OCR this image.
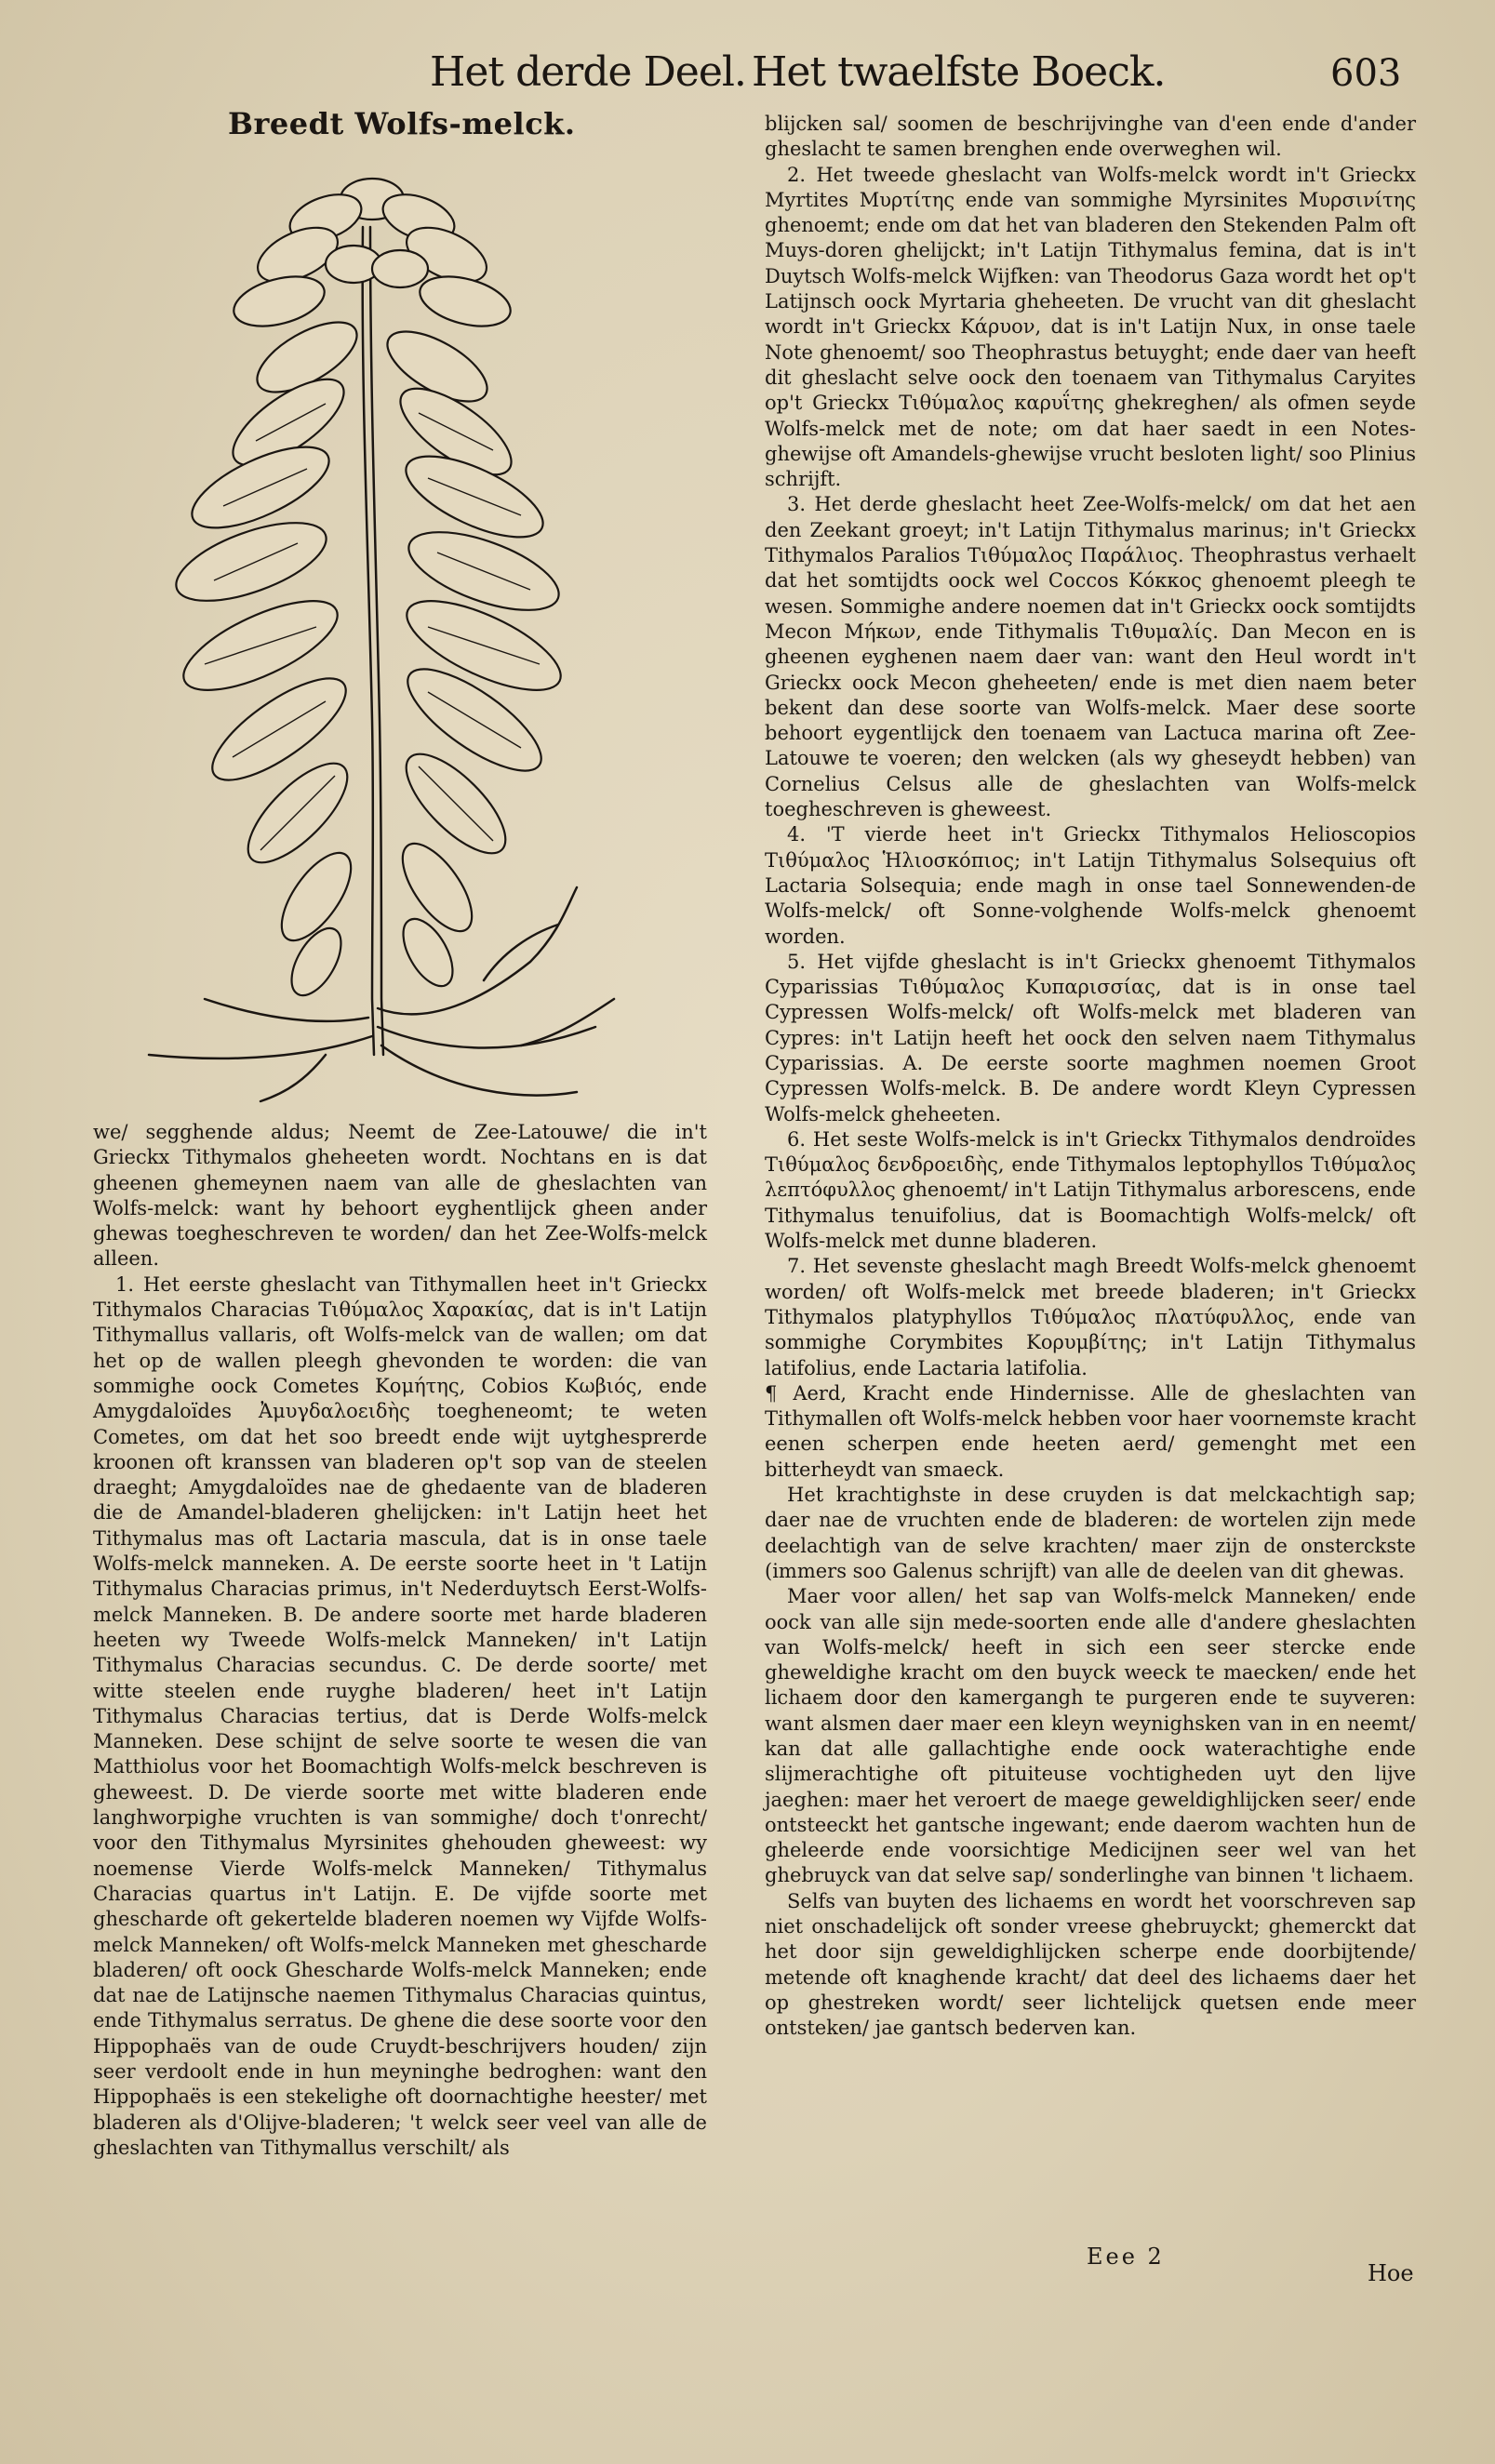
Het derde Deel. Het twaelfste Boeck.	603
Breedt Wolfs-melck.

we/ segghende aldus; Neemt de Zee-Latouwe/ die in't Grieckx Tithymalos gheheeten wordt. Nochtans en is dat gheenen ghemeynen naem van alle de gheslachten van Wolfs-melck: want hy behoort eyghentlijck gheen ander ghewas toegheschreven te worden/ dan het Zee-Wolfs-melck alleen.

1. Het eerste gheslacht van Tithymallen heet in't Grieckx Tithymalos Characias Τιθύμαλος Χαρακίας, dat is in't Latijn Tithymallus vallaris, oft Wolfs-melck van de wallen; om dat het op de wallen pleegh ghevonden te worden: die van sommighe oock Cometes Κομήτης, Cobios Κωβιός, ende Amygdaloïdes Ἀμυγδαλοειδὴς toegheneomt; te weten Cometes, om dat het soo breedt ende wijt uytghesprerde kroonen oft kranssen van bladeren op't sop van de steelen draeght; Amygdaloïdes nae de ghedaente van de bladeren die de Amandel-bladeren ghelijcken: in't Latijn heet het Tithymalus mas oft Lactaria mascula, dat is in onse taele Wolfs-melck manneken. A. De eerste soorte heet in 't Latijn Tithymalus Characias primus, in't Nederduytsch Eerst-Wolfs-melck Manneken. B. De andere soorte met harde bladeren heeten wy Tweede Wolfs-melck Manneken/ in't Latijn Tithymalus Characias secundus. C. De derde soorte/ met witte steelen ende ruyghe bladeren/ heet in't Latijn Tithymalus Characias tertius, dat is Derde Wolfs-melck Manneken. Dese schijnt de selve soorte te wesen die van Matthiolus voor het Boomachtigh Wolfs-melck beschreven is gheweest. D. De vierde soorte met witte bladeren ende langhworpighe vruchten is van sommighe/ doch t'onrecht/ voor den Tithymalus Myrsinites ghehouden gheweest: wy noemense Vierde Wolfs-melck Manneken/ Tithymalus Characias quartus in't Latijn. E. De vijfde soorte met ghescharde oft gekertelde bladeren noemen wy Vijfde Wolfs-melck Manneken/ oft Wolfs-melck Manneken met ghescharde bladeren/ oft oock Ghescharde Wolfs-melck Manneken; ende dat nae de Latijnsche naemen Tithymalus Characias quintus, ende Tithymalus serratus. De ghene die dese soorte voor den Hippophaës van de oude Cruydt-beschrijvers houden/ zijn seer verdoolt ende in hun meyninghe bedroghen: want den Hippophaës is een stekelighe oft doornachtighe heester/ met bladeren als d'Olijve-bladeren; 't welck seer veel van alle de gheslachten van Tithymallus verschilt/ als

blijcken sal/ soomen de beschrijvinghe van d'een ende d'ander gheslacht te samen brenghen ende overweghen wil.

2. Het tweede gheslacht van Wolfs-melck wordt in't Grieckx Myrtites Μυρτίτης ende van sommighe Myrsinites Μυρσινίτης ghenoemt; ende om dat het van bladeren den Stekenden Palm oft Muys-doren ghelijckt; in't Latijn Tithymalus femina, dat is in't Duytsch Wolfs-melck Wijfken: van Theodorus Gaza wordt het op't Latijnsch oock Myrtaria gheheeten. De vrucht van dit gheslacht wordt in't Grieckx Κάρυον, dat is in't Latijn Nux, in onse taele Note ghenoemt/ soo Theophrastus betuyght; ende daer van heeft dit gheslacht selve oock den toenaem van Tithymalus Caryites op't Grieckx Τιθύμαλος καρυΐτης ghekreghen/ als ofmen seyde Wolfs-melck met de note; om dat haer saedt in een Notes-ghewijse oft Amandels-ghewijse vrucht besloten light/ soo Plinius schrijft.

3. Het derde gheslacht heet Zee-Wolfs-melck/ om dat het aen den Zeekant groeyt; in't Latijn Tithymalus marinus; in't Grieckx Tithymalos Paralios Τιθύμαλος Παράλιος. Theophrastus verhaelt dat het somtijdts oock wel Coccos Κόκκος ghenoemt pleegh te wesen. Sommighe andere noemen dat in't Grieckx oock somtijdts Mecon Μήκων, ende Tithymalis Τιθυμαλίς. Dan Mecon en is gheenen eyghenen naem daer van: want den Heul wordt in't Grieckx oock Mecon gheheeten/ ende is met dien naem beter bekent dan dese soorte van Wolfs-melck. Maer dese soorte behoort eygentlijck den toenaem van Lactuca marina oft Zee-Latouwe te voeren; den welcken (als wy gheseydt hebben) van Cornelius Celsus alle de gheslachten van Wolfs-melck toegheschreven is gheweest.

4. 'T vierde heet in't Grieckx Tithymalos Helioscopios Τιθύμαλος Ἡλιοσκόπιος; in't Latijn Tithymalus Solsequius oft Lactaria Solsequia; ende magh in onse tael Sonnewenden-de Wolfs-melck/ oft Sonne-volghende Wolfs-melck ghenoemt worden.

5. Het vijfde gheslacht is in't Grieckx ghenoemt Tithymalos Cyparissias Τιθύμαλος Κυπαρισσίας, dat is in onse tael Cypressen Wolfs-melck/ oft Wolfs-melck met bladeren van Cypres: in't Latijn heeft het oock den selven naem Tithymalus Cyparissias. A. De eerste soorte maghmen noemen Groot Cypressen Wolfs-melck. B. De andere wordt Kleyn Cypressen Wolfs-melck gheheeten.

6. Het seste Wolfs-melck is in't Grieckx Tithymalos dendroïdes Τιθύμαλος δενδροειδὴς, ende Tithymalos leptophyllos Τιθύμαλος λεπτόφυλλος ghenoemt/ in't Latijn Tithymalus arborescens, ende Tithymalus tenuifolius, dat is Boomachtigh Wolfs-melck/ oft Wolfs-melck met dunne bladeren.

7. Het sevenste gheslacht magh Breedt Wolfs-melck ghenoemt worden/ oft Wolfs-melck met breede bladeren; in't Grieckx Tithymalos platyphyllos Τιθύμαλος πλατύφυλλος, ende van sommighe Corymbites Κορυμβίτης; in't Latijn Tithymalus latifolius, ende Lactaria latifolia.

¶ Aerd, Kracht ende Hindernisse. Alle de gheslachten van Tithymallen oft Wolfs-melck hebben voor haer voornemste kracht eenen scherpen ende heeten aerd/ gemenght met een bitterheydt van smaeck.

Het krachtighste in dese cruyden is dat melckachtigh sap; daer nae de vruchten ende de bladeren: de wortelen zijn mede deelachtigh van de selve krachten/ maer zijn de onsterckste (immers soo Galenus schrijft) van alle de deelen van dit ghewas.

Maer voor allen/ het sap van Wolfs-melck Manneken/ ende oock van alle sijn mede-soorten ende alle d'andere gheslachten van Wolfs-melck/ heeft in sich een seer stercke ende gheweldighe kracht om den buyck weeck te maecken/ ende het lichaem door den kamergangh te purgeren ende te suyveren: want alsmen daer maer een kleyn weynighsken van in en neemt/ kan dat alle gallachtighe ende oock waterachtighe ende slijmerachtighe oft pituiteuse vochtigheden uyt den lijve jaeghen: maer het veroert de maege geweldighlijcken seer/ ende ontsteeckt het gantsche ingewant; ende daerom wachten hun de gheleerde ende voorsichtige Medicijnen seer wel van het ghebruyck van dat selve sap/ sonderlinghe van binnen 't lichaem.

Selfs van buyten des lichaems en wordt het voorschreven sap niet onschadelijck oft sonder vreese ghebruyckt; ghemerckt dat het door sijn geweldighlijcken scherpe ende doorbijtende/ metende oft knaghende kracht/ dat deel des lichaems daer het op ghestreken wordt/ seer lichtelijck quetsen ende meer ontsteken/ jae gantsch bederven kan.

Eee 2
Hoe
